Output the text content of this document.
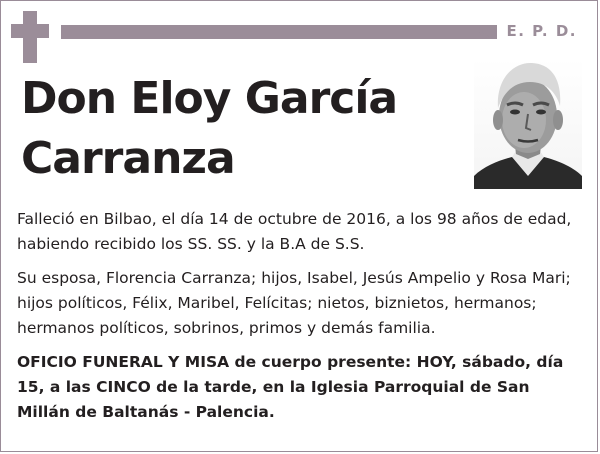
Q. E. P. D.
Don Eloy García Carranza

Falleció en Bilbao, el día 14 de octubre de 2016, a los 98 años de edad, habiendo recibido los SS. SS. y la B.A de S.S.

Su esposa, Florencia Carranza; hijos, Isabel, Jesús Ampelio y Rosa Mari; hijos políticos, Félix, Maribel, Felícitas; nietos, biznietos, hermanos; hermanos políticos, sobrinos, primos y demás familia.

OFICIO FUNERAL Y MISA de cuerpo presente: HOY, sábado, día 15, a las CINCO de la tarde, en la Iglesia Parroquial de San Millán de Baltanás - Palencia.
